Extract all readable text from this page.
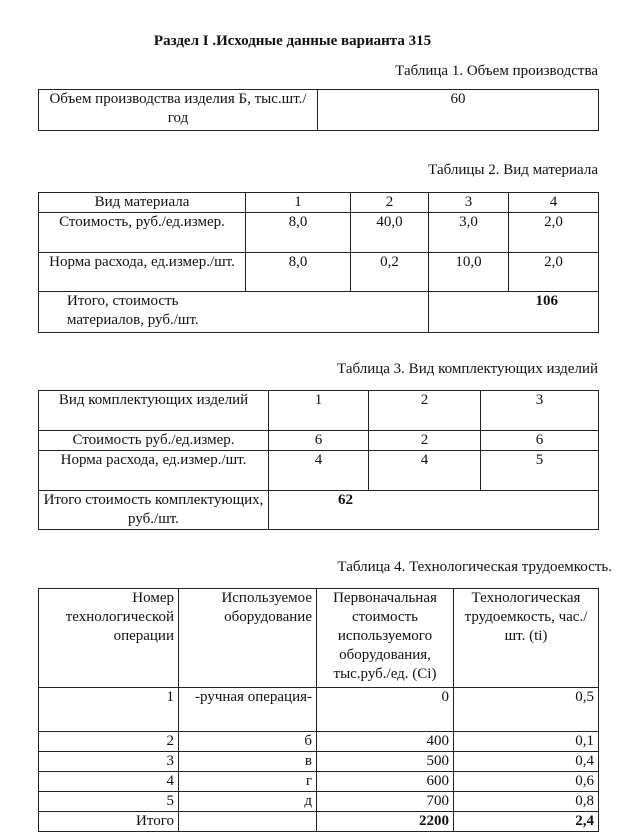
Раздел I .Исходные данные варианта 315
Таблица 1. Объем производства
Объем производства изделия Б, тыс.шт./год	60
Таблицы 2. Вид материала
Вид материала	1	2	3	4
Стоимость, руб./ед.измер.	8,0	40,0	3,0	2,0
Норма расхода, ед.измер./шт.	8,0	0,2	10,0	2,0
Итого, стоимость материалов, руб./шт.			106	
Таблица 3. Вид комплектующих изделий
Вид комплектующих изделий	1	2	3
Стоимость руб./ед.измер.	6	2	6
Норма расхода, ед.измер./шт.	4	4	5
Итого стоимость комплектующих, руб./шт.	62		
Таблица 4. Технологическая трудоемкость.
Номер технологической операции	Используемое оборудование	Первоначальная стоимость используемого оборудования, тыс.руб./ед. (Ci)	Технологическая трудоемкость, час./шт. (ti)
1	-ручная операция-	0	0,5
2	б	400	0,1
3	в	500	0,4
4	г	600	0,6
5	д	700	0,8
Итого		2200	2,4
